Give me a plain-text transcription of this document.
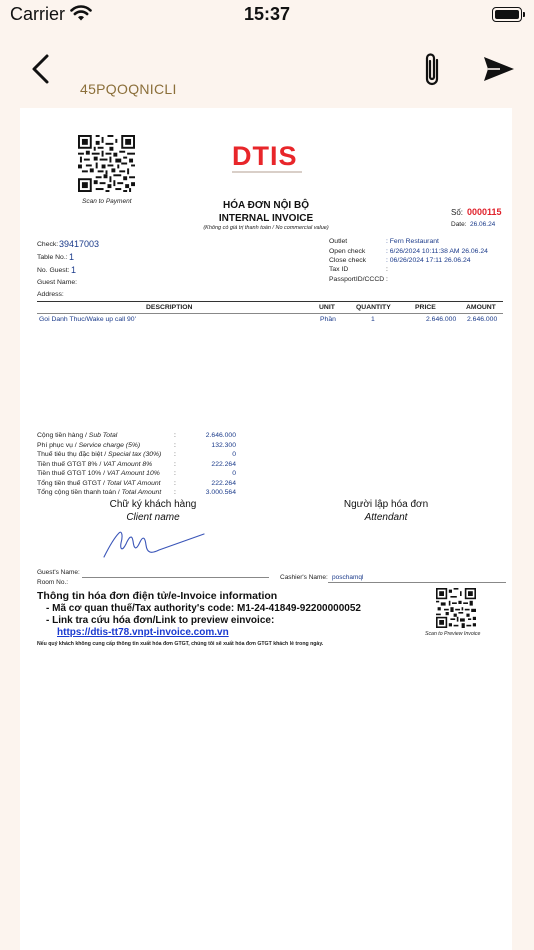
Carrier	15:37
45PQOQNICLI
Scan to Payment
DTIS
HÓA ĐƠN NỘI BỘ
INTERNAL INVOICE
(Không có giá trị thanh toán / No commercial value)
Số: 0000115
Date: 26.06.24
Check: 39417003
Table No.: 1
No. Guest: 1
Guest Name:
Address:
Outlet	: Fern Restaurant
Open check	: 6/26/2024 10:11:38 AM 26.06.24
Close check	: 06/26/2024 17:11 26.06.24
Tax ID	:
PassportID/CCCD :
DESCRIPTION	UNIT	QUANTITY	PRICE	AMOUNT
Goi Danh Thuc/Wake up call 90'	Phần	1	2.646.000 2.646.000
Cộng tiền hàng / Sub Total	:	2.646.000
Phí phục vụ / Service charge (5%)	:	132.300
Thuế tiêu thụ đặc biệt / Special tax (30%) :	0
Tiền thuế GTGT 8% / VAT Amount 8%	:	222.264
Tiền thuế GTGT 10% / VAT Amount 10% :	0
Tổng tiền thuế GTGT / Total VAT Amount :	222.264
Tổng cộng tiền thanh toán / Total Amount :	3.000.564
Chữ ký khách hàng
Client name
Người lập hóa đơn
Attendant
Guest's Name:
Room No.:
Cashier's Name: poschamql
Thông tin hóa đơn điện tử/e-Invoice information
- Mã cơ quan thuế/Tax authority's code: M1-24-41849-92200000052
- Link tra cứu hóa đơn/Link to preview einvoice:
https://dtis-tt78.vnpt-invoice.com.vn
Nếu quý khách không cung cấp thông tin xuất hóa đơn GTGT, chúng tôi sẽ xuất hóa đơn GTGT khách lẻ trong ngày.
Scan to Preview Invoice
